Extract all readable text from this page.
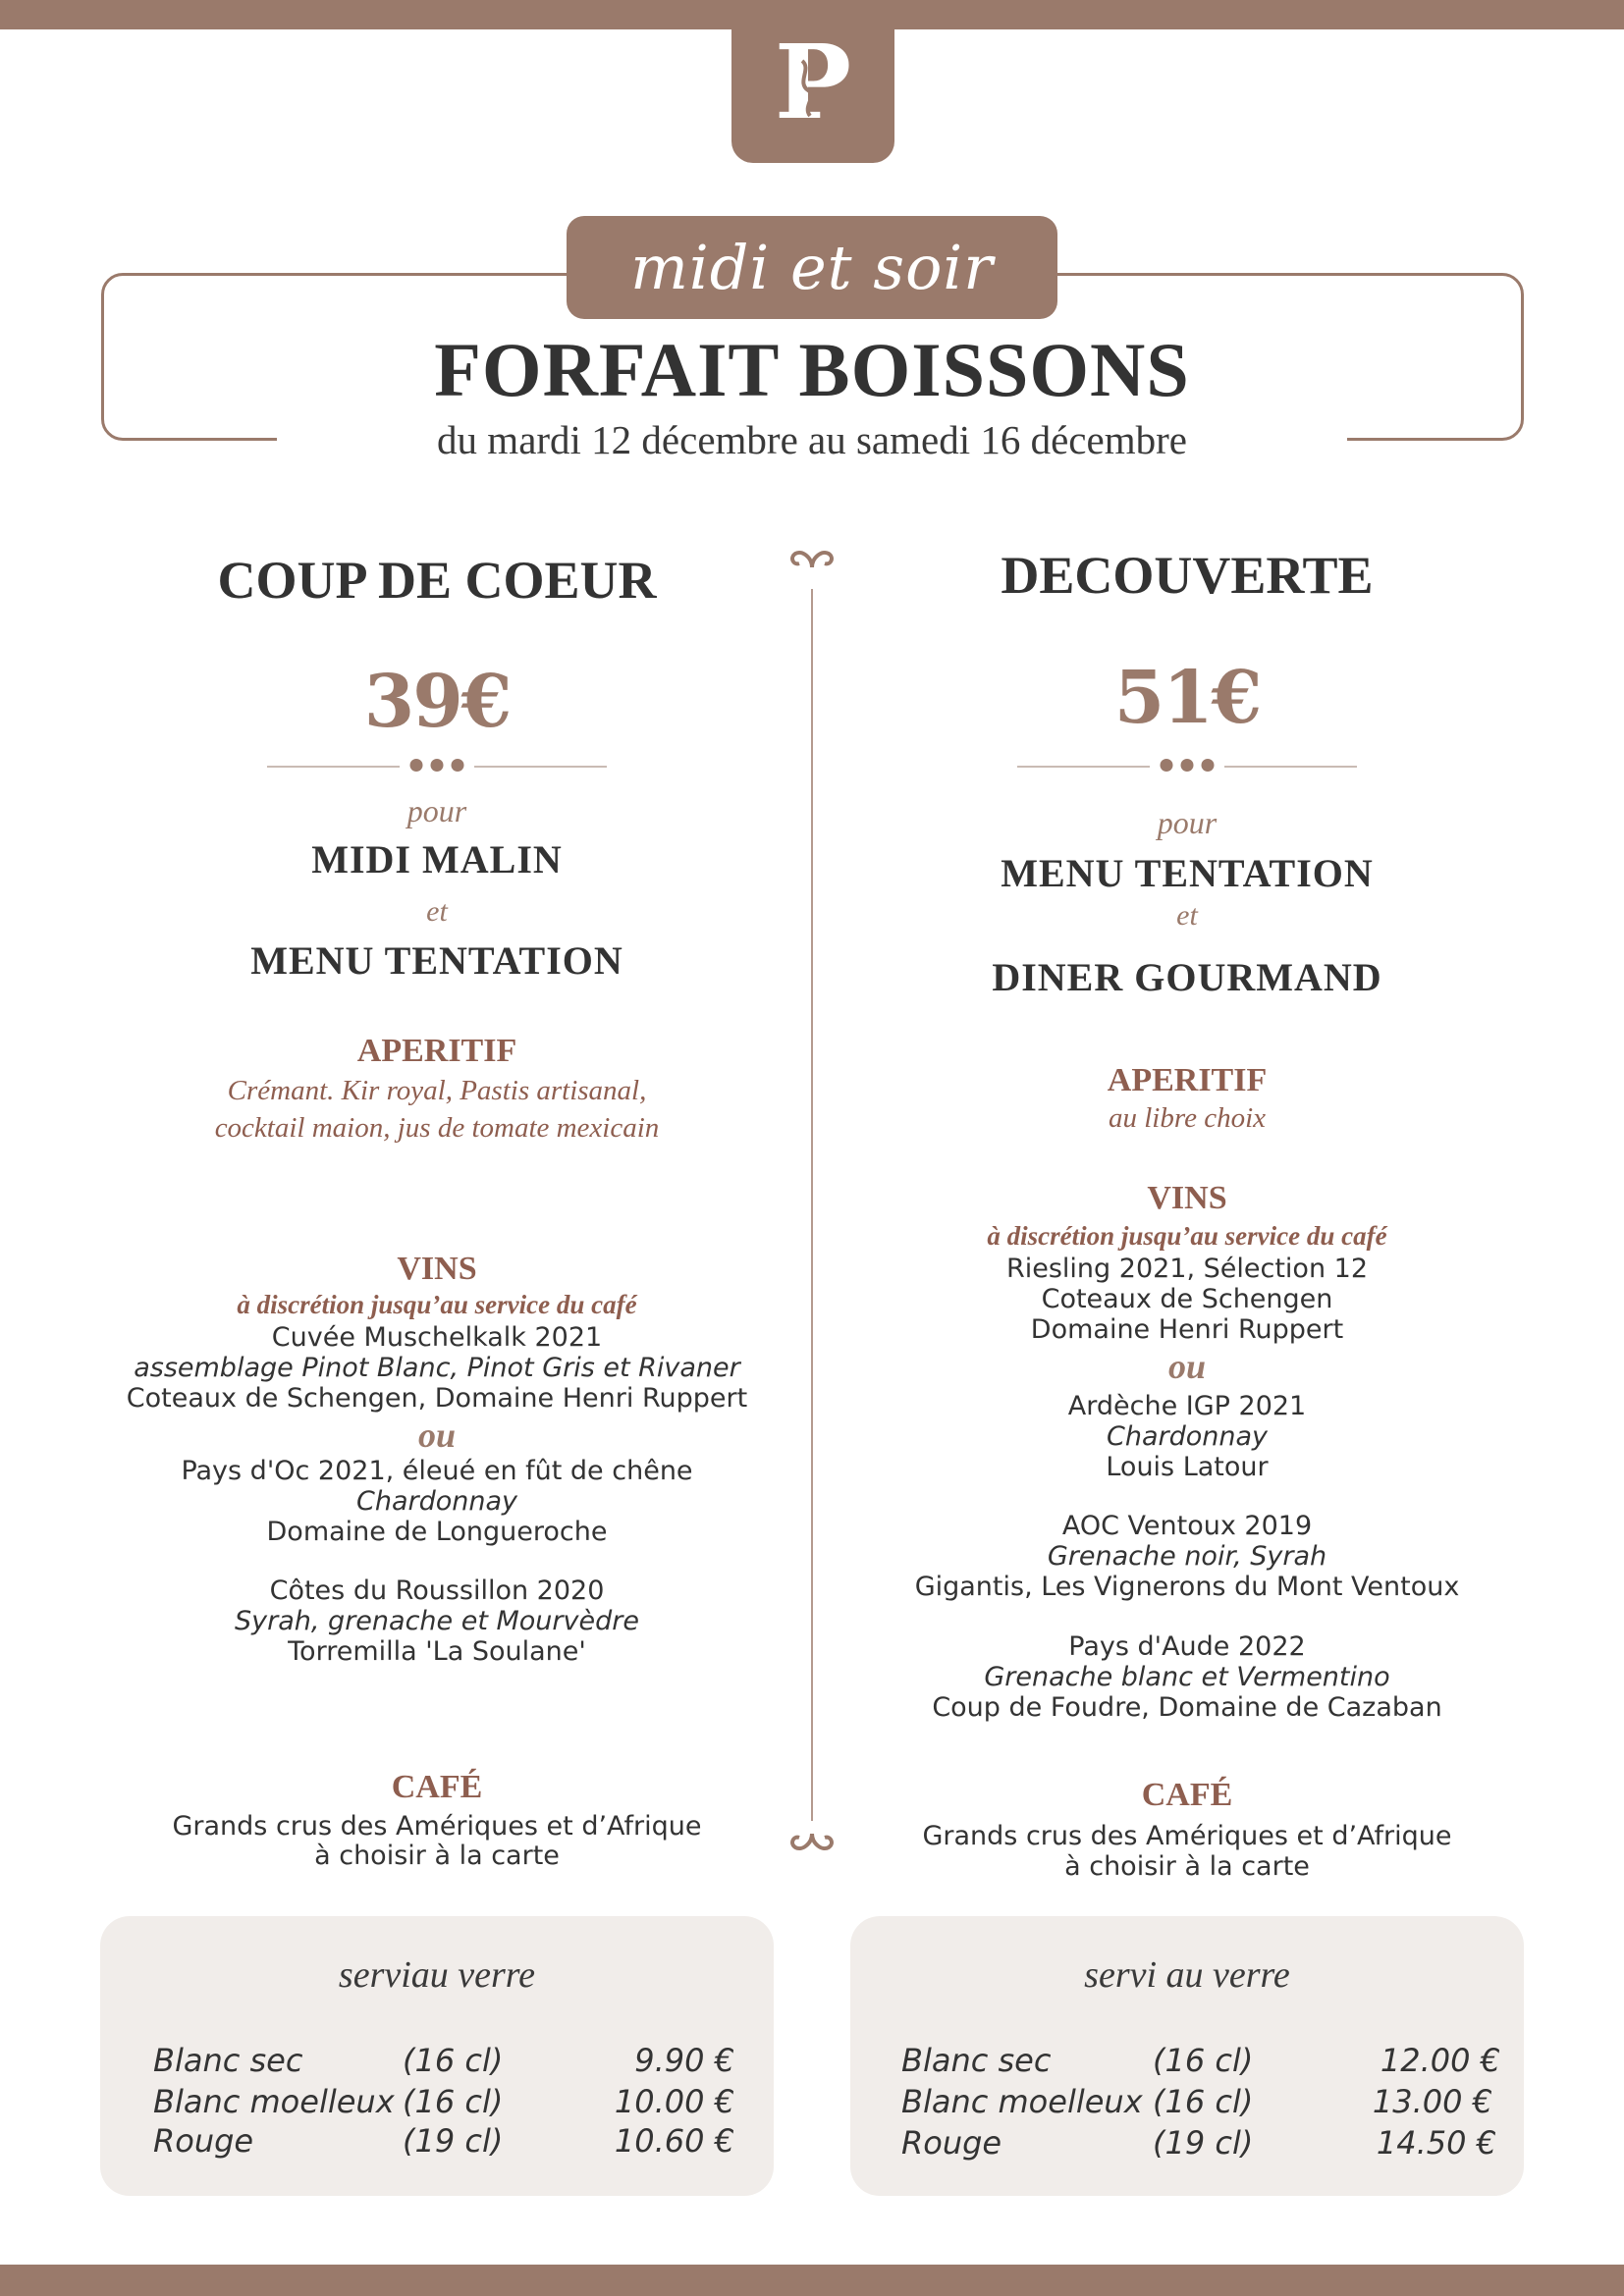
P
midi et soir
FORFAIT BOISSONS
du mardi 12 décembre au samedi 16 décembre
COUP DE COEUR
39€
pour
MIDI MALIN
et
MENU TENTATION
APERITIF
Crémant. Kir royal, Pastis artisanal,
cocktail maion, jus de tomate mexicain
VINS
à discrétion jusqu’au service du café
Cuvée Muschelkalk 2021
assemblage Pinot Blanc, Pinot Gris et Rivaner
Coteaux de Schengen, Domaine Henri Ruppert
ou
Pays d'Oc 2021, éleué en fût de chêne
Chardonnay
Domaine de Longueroche
Côtes du Roussillon 2020
Syrah, grenache et Mourvèdre
Torremilla 'La Soulane'
CAFÉ
Grands crus des Amériques et d’Afrique
à choisir à la carte
DECOUVERTE
51€
pour
MENU TENTATION
et
DINER GOURMAND
APERITIF
au libre choix
VINS
à discrétion jusqu’au service du café
Riesling 2021, Sélection 12
Coteaux de Schengen
Domaine Henri Ruppert
ou
Ardèche IGP 2021
Chardonnay
Louis Latour
AOC Ventoux 2019
Grenache noir, Syrah
Gigantis, Les Vignerons du Mont Ventoux
Pays d'Aude 2022
Grenache blanc et Vermentino
Coup de Foudre, Domaine de Cazaban
CAFÉ
Grands crus des Amériques et d’Afrique
à choisir à la carte
serviau verre
Blanc sec	(16 cl)	9.90 €
Blanc moelleux (16 cl)	10.00 €
Rouge	(19 cl)	10.60 €
servi au verre
Blanc sec	(16 cl)	12.00 €
Blanc moelleux (16 cl)	13.00 €
Rouge	(19 cl)	14.50 €
